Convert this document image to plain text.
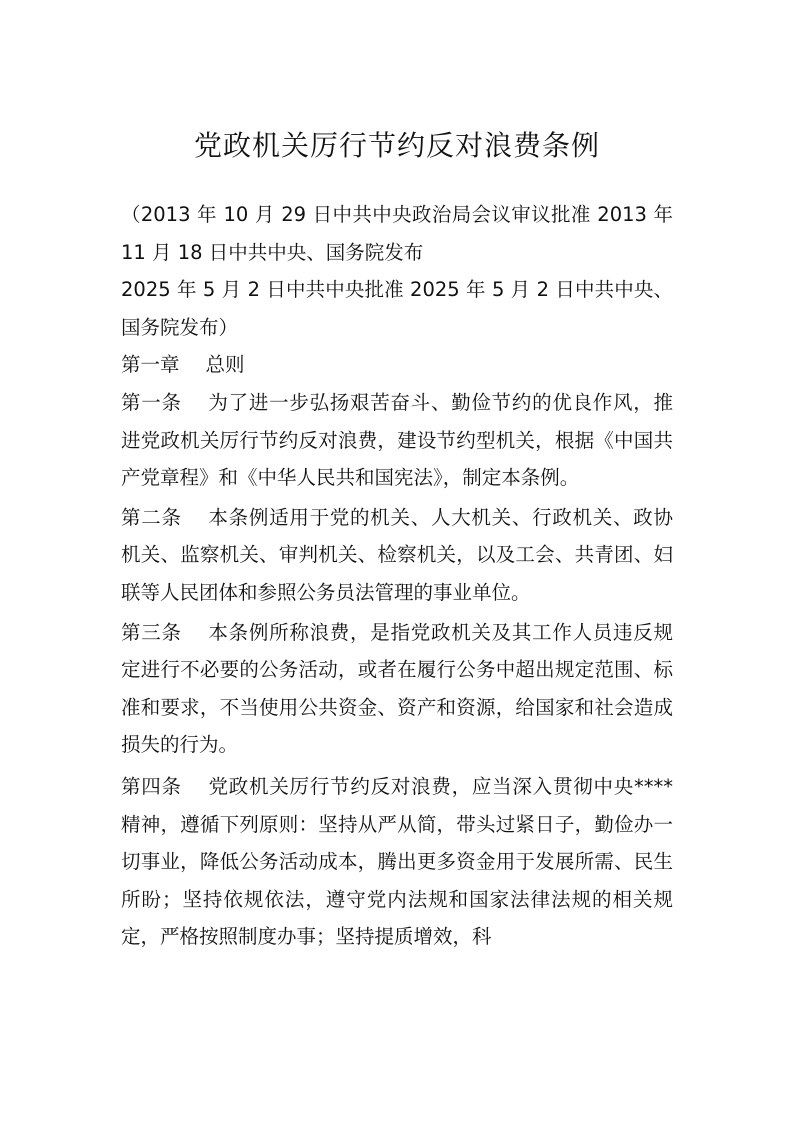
党政机关厉行节约反对浪费条例

（2013 年 10 月 29 日中共中央政治局会议审议批准 2013 年 11 月 18 日中共中央、国务院发布

2025 年 5 月 2 日中共中央批准 2025 年 5 月 2 日中共中央、国务院发布）

第一章 总则

第一条 为了进一步弘扬艰苦奋斗、勤俭节约的优良作风，推进党政机关厉行节约反对浪费，建设节约型机关，根据《中国共产党章程》和《中华人民共和国宪法》，制定本条例。

第二条 本条例适用于党的机关、人大机关、行政机关、政协机关、监察机关、审判机关、检察机关，以及工会、共青团、妇联等人民团体和参照公务员法管理的事业单位。

第三条 本条例所称浪费，是指党政机关及其工作人员违反规定进行不必要的公务活动，或者在履行公务中超出规定范围、标准和要求，不当使用公共资金、资产和资源，给国家和社会造成损失的行为。

第四条 党政机关厉行节约反对浪费，应当深入贯彻中央****精神，遵循下列原则：坚持从严从简，带头过紧日子，勤俭办一切事业，降低公务活动成本，腾出更多资金用于发展所需、民生所盼；坚持依规依法，遵守党内法规和国家法律法规的相关规定，严格按照制度办事；坚持提质增效，科
